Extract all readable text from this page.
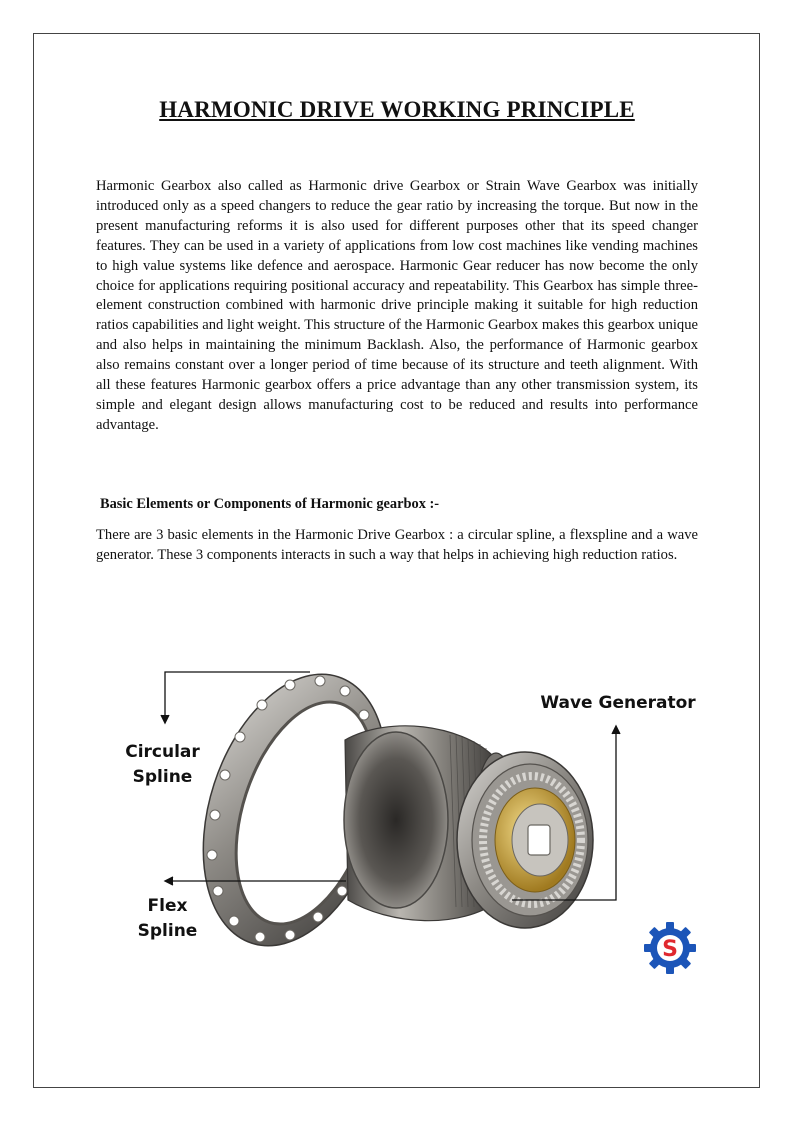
HARMONIC DRIVE WORKING PRINCIPLE

Harmonic Gearbox also called as Harmonic drive Gearbox or Strain Wave Gearbox was initially introduced only as a speed changers to reduce the gear ratio by increasing the torque. But now in the present manufacturing reforms it is also used for different purposes other that its speed changer features. They can be used in a variety of applications from low cost machines like vending machines to high value systems like defence and aerospace. Harmonic Gear reducer has now become the only choice for applications requiring positional accuracy and repeatability. This Gearbox has simple three-element construction combined with harmonic drive principle making it suitable for high reduction ratios capabilities and light weight. This structure of the Harmonic Gearbox makes this gearbox unique and also helps in maintaining the minimum Backlash. Also, the performance of Harmonic gearbox also remains constant over a longer period of time because of its structure and teeth alignment. With all these features Harmonic gearbox offers a price advantage than any other transmission system, its simple and elegant design allows manufacturing cost to be reduced and results into performance advantage.

Basic Elements or Components of Harmonic gearbox :-

There are 3 basic elements in the Harmonic Drive Gearbox : a circular spline, a flexspline and a wave generator. These 3 components interacts in such a way that helps in achieving high reduction ratios.

Circular
Spline
Wave Generator
Flex
Spline
S
